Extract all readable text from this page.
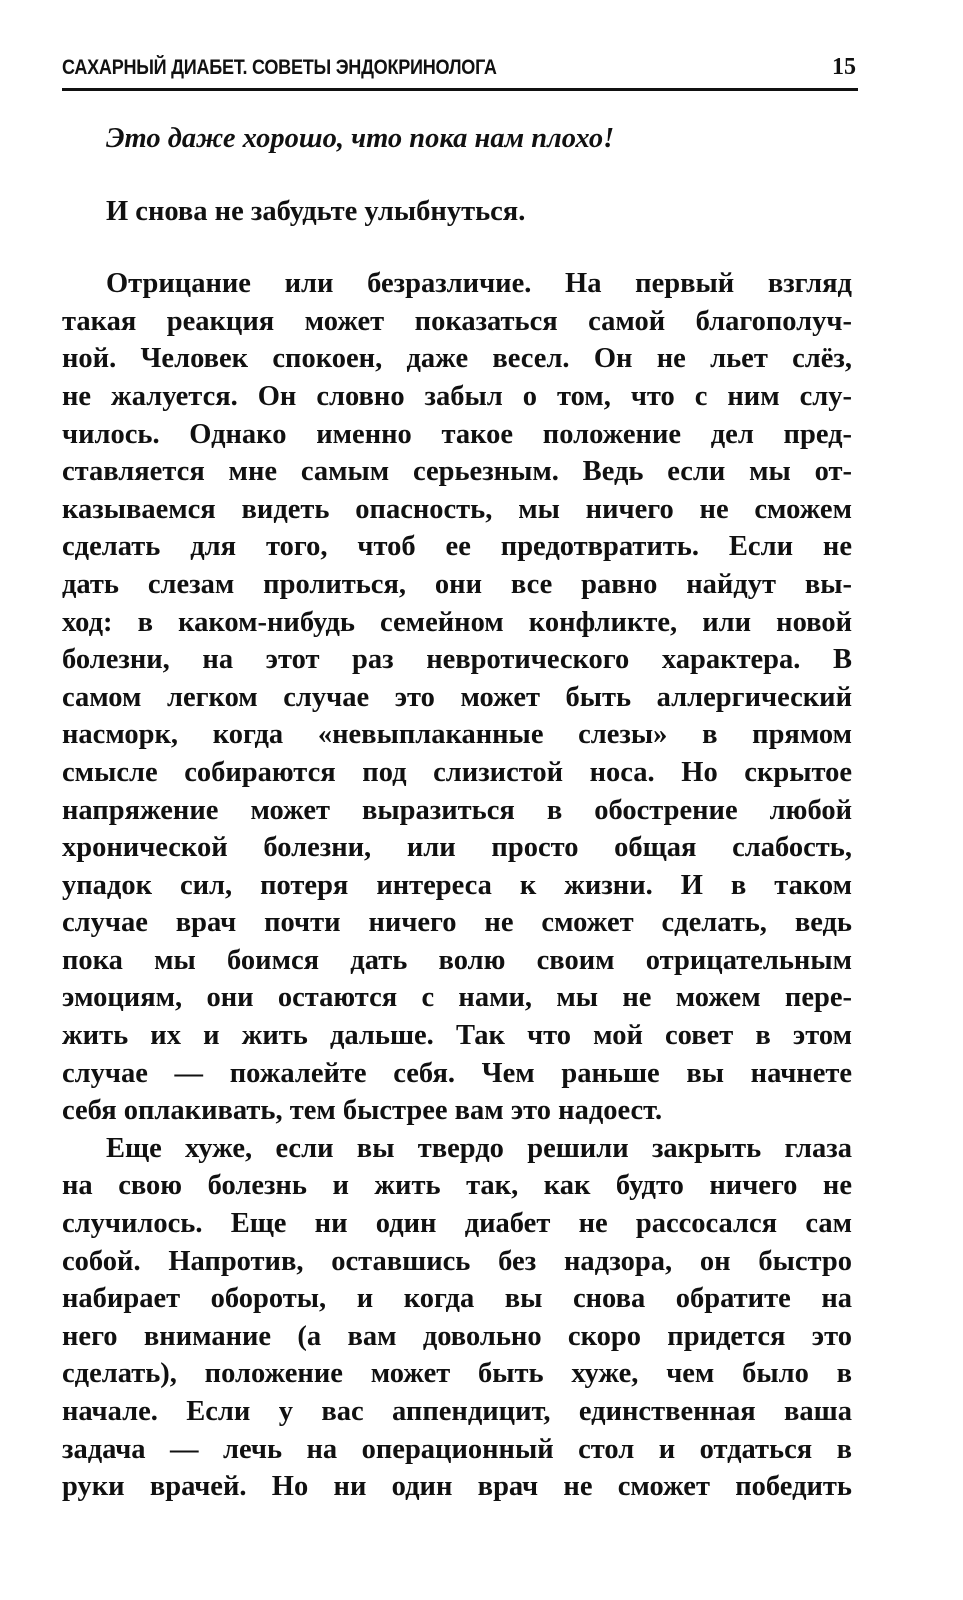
САХАРНЫЙ ДИАБЕТ. СОВЕТЫ ЭНДОКРИНОЛОГА	15
Это даже хорошо, что пока нам плохо!
И снова не забудьте улыбнуться.
Отрицание или безразличие. На первый взгляд
такая реакция может показаться самой благополуч-
ной. Человек спокоен, даже весел. Он не льет слёз,
не жалуется. Он словно забыл о том, что с ним слу-
чилось. Однако именно такое положение дел пред-
ставляется мне самым серьезным. Ведь если мы от-
казываемся видеть опасность, мы ничего не сможем
сделать для того, чтоб ее предотвратить. Если не
дать слезам пролиться, они все равно найдут вы-
ход: в каком-нибудь семейном конфликте, или новой
болезни, на этот раз невротического характера. В
самом легком случае это может быть аллергический
насморк, когда «невыплаканные слезы» в прямом
смысле собираются под слизистой носа. Но скрытое
напряжение может выразиться в обострение любой
хронической болезни, или просто общая слабость,
упадок сил, потеря интереса к жизни. И в таком
случае врач почти ничего не сможет сделать, ведь
пока мы боимся дать волю своим отрицательным
эмоциям, они остаются с нами, мы не можем пере-
жить их и жить дальше. Так что мой совет в этом
случае — пожалейте себя. Чем раньше вы начнете
себя оплакивать, тем быстрее вам это надоест.
Еще хуже, если вы твердо решили закрыть глаза
на свою болезнь и жить так, как будто ничего не
случилось. Еще ни один диабет не рассосался сам
собой. Напротив, оставшись без надзора, он быстро
набирает обороты, и когда вы снова обратите на
него внимание (а вам довольно скоро придется это
сделать), положение может быть хуже, чем было в
начале. Если у вас аппендицит, единственная ваша
задача — лечь на операционный стол и отдаться в
руки врачей. Но ни один врач не сможет победить
